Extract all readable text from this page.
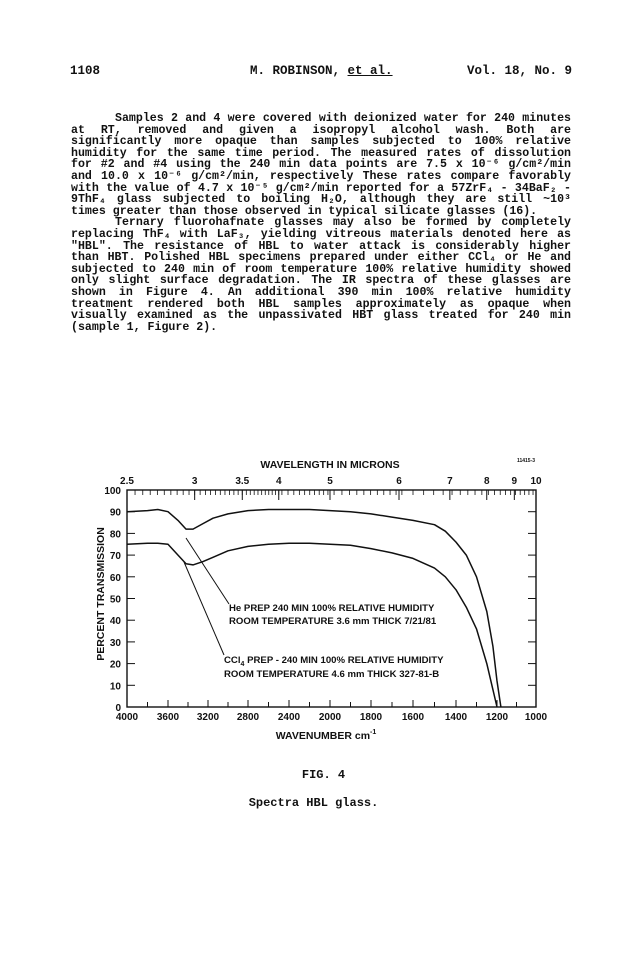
1108	M. ROBINSON, et al.	Vol. 18, No. 9

Samples 2 and 4 were covered with deionized water for 240 minutes at RT, removed and given a isopropyl alcohol wash. Both are significantly more opaque than samples subjected to 100% relative humidity for the same time period. The measured rates of dissolution for #2 and #4 using the 240 min data points are 7.5 x 10⁻⁶ g/cm²/min and 10.0 x 10⁻⁶ g/cm²/min, respectively These rates compare favorably with the value of 4.7 x 10⁻⁵ g/cm²/min reported for a 57ZrF₄ - 34BaF₂ - 9ThF₄ glass subjected to boiling H₂O, although they are still ~10³ times greater than those observed in typical silicate glasses (16).

Ternary fluorohafnate glasses may also be formed by completely replacing ThF₄ with LaF₃, yielding vitreous materials denoted here as "HBL". The resistance of HBL to water attack is considerably higher than HBT. Polished HBL specimens prepared under either CCl₄ or He and subjected to 240 min of room temperature 100% relative humidity showed only slight surface degradation. The IR spectra of these glasses are shown in Figure 4. An additional 390 min 100% relative humidity treatment rendered both HBL samples approximately as opaque when visually examined as the unpassivated HBT glass treated for 240 min (sample 1, Figure 2).

WAVELENGTH IN MICRONS	11415-3
PERCENT TRANSMISSION
2.5	3	3.5	4	5	6	7	8 9 10
4000 3600 3200 2800 2400 2000 1800 1600 1400 1200 1000
0
10
20
30
40
50
60
70
80
90
100
WAVENUMBER $cm^{-1}$
He PREP 240 MIN 100% RELATIVE HUMIDITY
ROOM TEMPERATURE 3.6 mm THICK 7/21/81
CCl$_4$ PREP - 240 MIN 100% RELATIVE HUMIDITY
ROOM TEMPERATURE 4.6 mm THICK 327-81-B
FIG. 4
Spectra HBL glass.
